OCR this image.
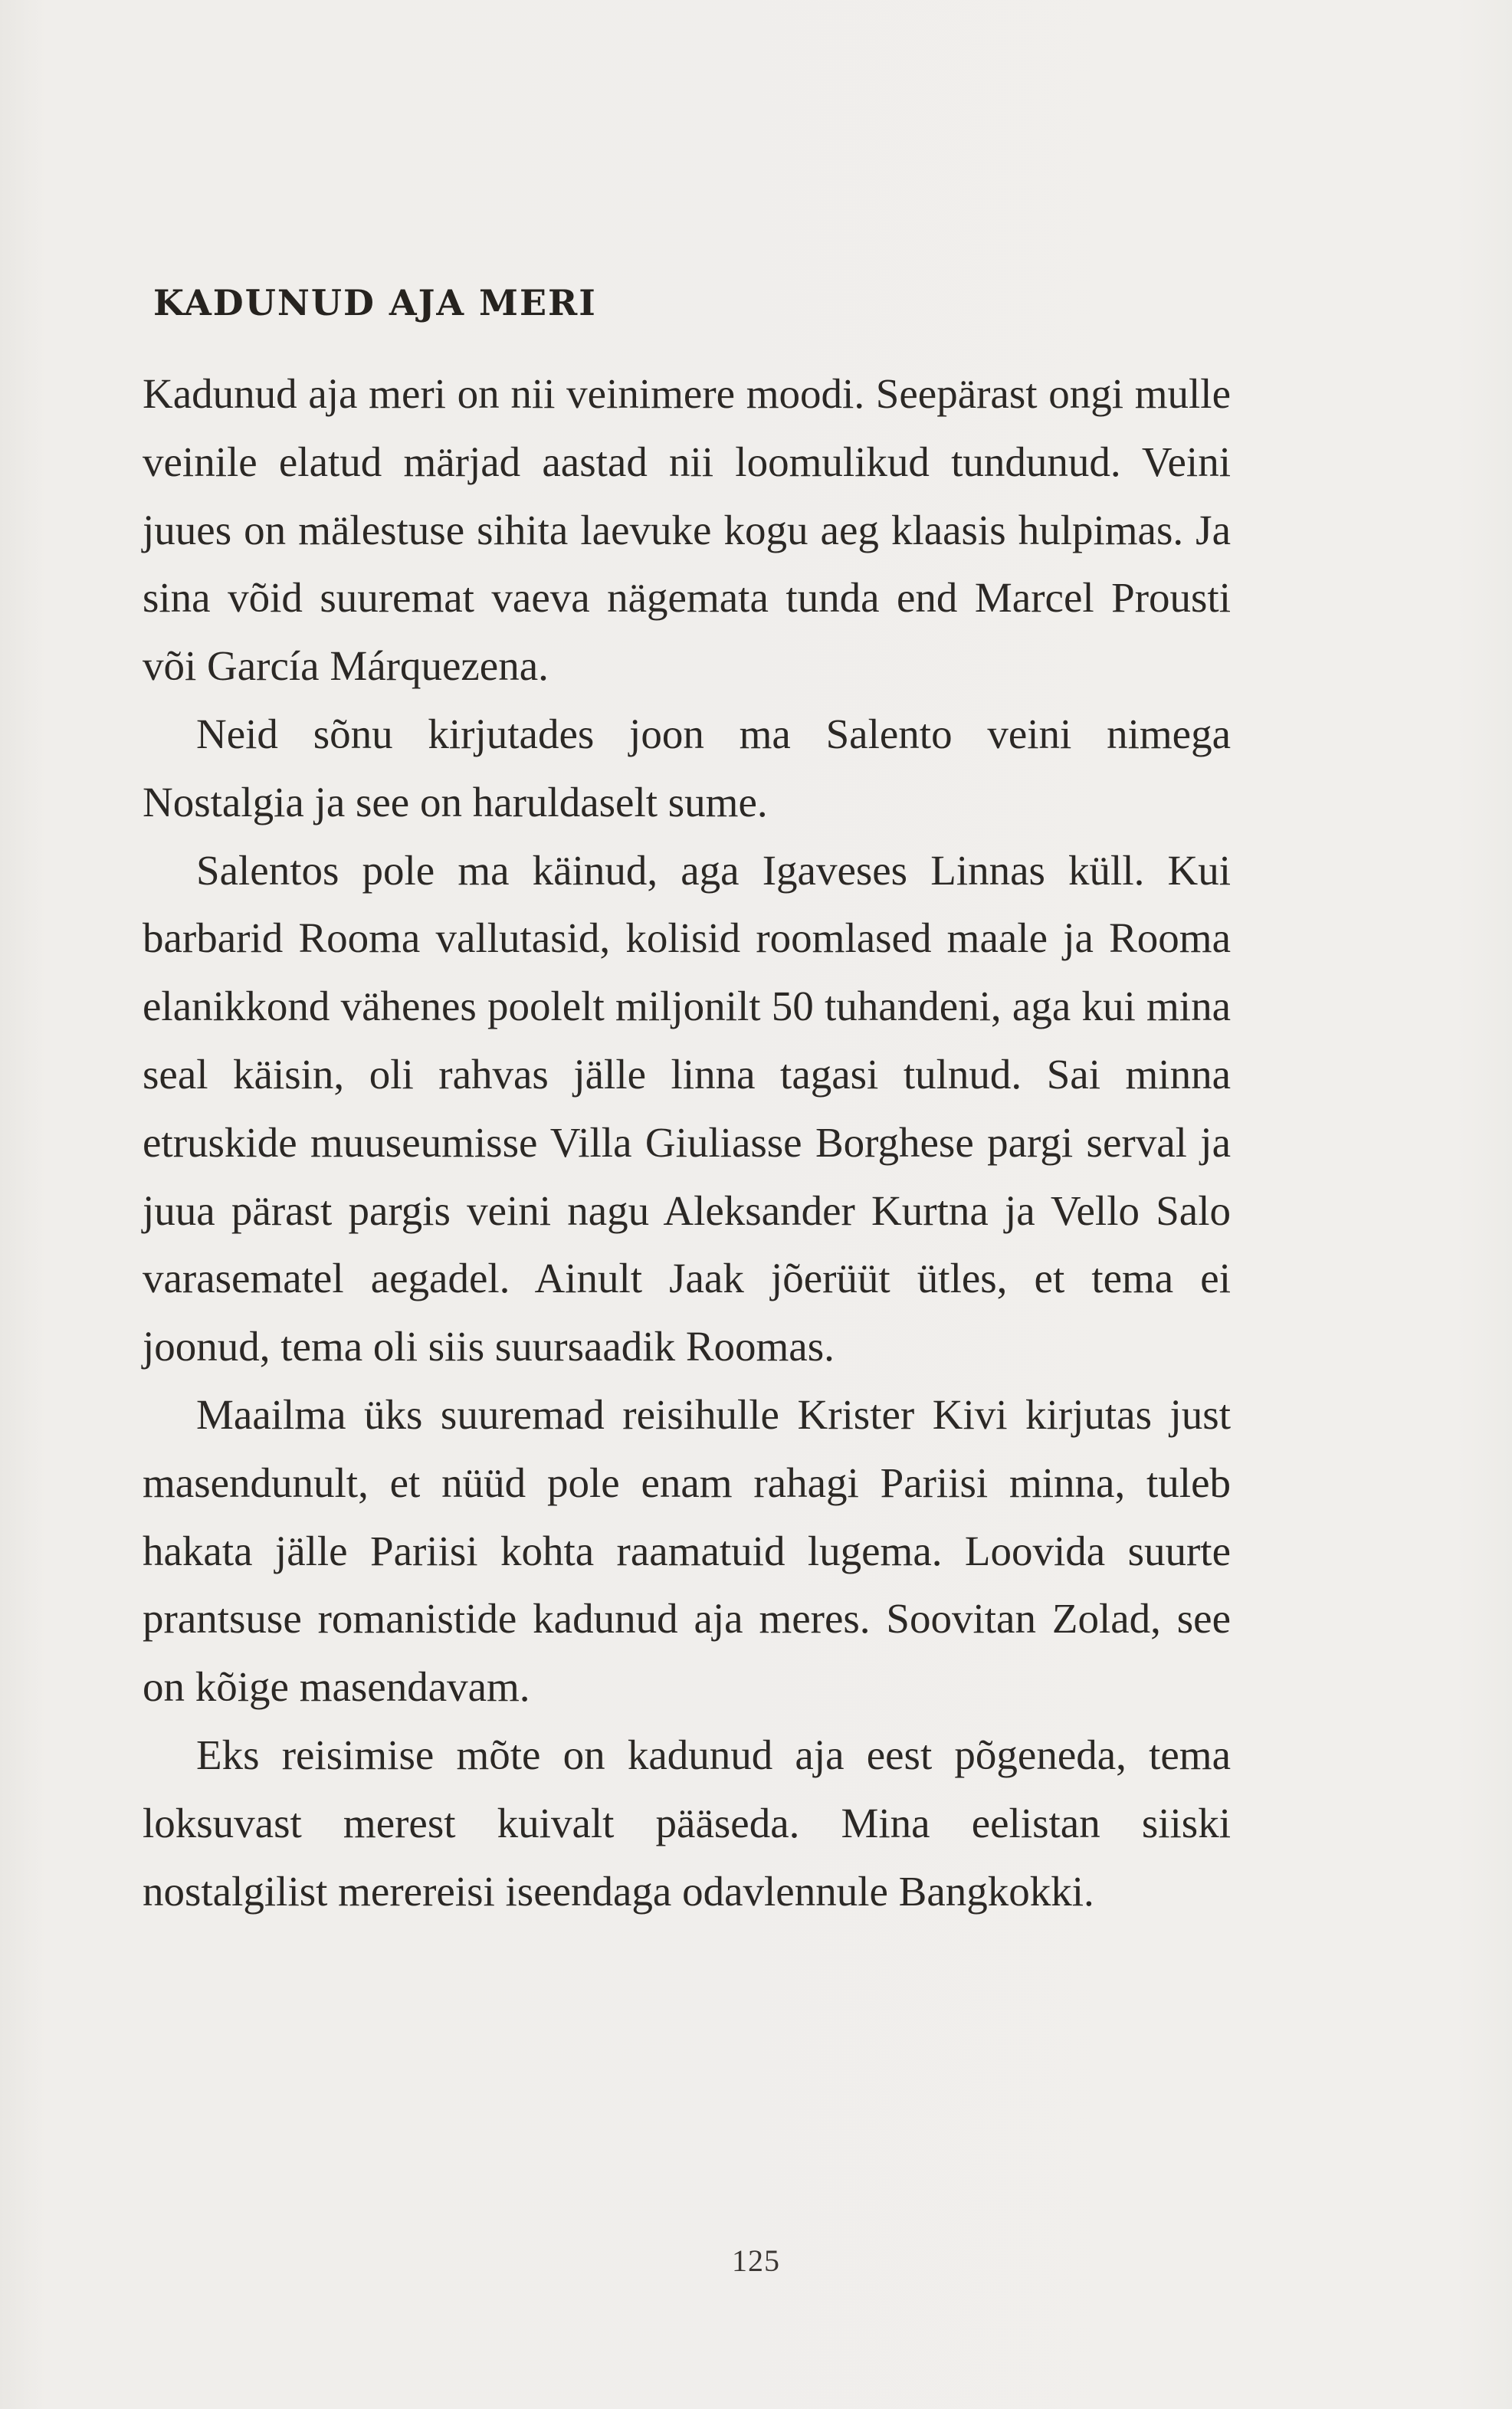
KADUNUD AJA MERI

Kadunud aja meri on nii veinimere moodi. Seepärast ongi mulle veinile elatud märjad aastad nii loomulikud tundunud. Veini juues on mälestuse sihita laevuke kogu aeg klaasis hulpimas. Ja sina võid suuremat vaeva nägemata tunda end Marcel Prousti või García Márquezena.

Neid sõnu kirjutades joon ma Salento veini nimega Nostalgia ja see on haruldaselt sume.

Salentos pole ma käinud, aga Igaveses Linnas küll. Kui barbarid Rooma vallutasid, kolisid roomlased maale ja Rooma elanikkond vähenes poolelt miljonilt 50 tuhandeni, aga kui mina seal käisin, oli rahvas jälle linna tagasi tulnud. Sai minna etruskide muuseumisse Villa Giuliasse Borghese pargi serval ja juua pärast pargis veini nagu Aleksander Kurtna ja Vello Salo varasematel aegadel. Ainult Jaak jõerüüt ütles, et tema ei joonud, tema oli siis suursaadik Roomas.

Maailma üks suuremad reisihulle Krister Kivi kirjutas just masendunult, et nüüd pole enam rahagi Pariisi minna, tuleb hakata jälle Pariisi kohta raamatuid lugema. Loovida suurte prantsuse romanistide kadunud aja meres. Soovitan Zolad, see on kõige masendavam.

Eks reisimise mõte on kadunud aja eest põgeneda, tema loksuvast merest kuivalt pääseda. Mina eelistan siiski nostalgilist merereisi iseendaga odavlennule Bangkokki.

125
